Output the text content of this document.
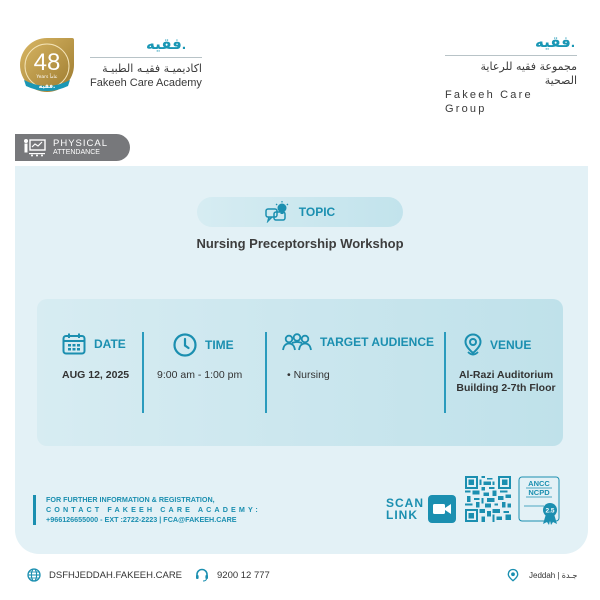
48
Years عاماً
فقيه.
فقيه.
اكاديميـة فقيـه الطبيـة
Fakeeh Care Academy
فقيه.
مجموعة فقيه للرعاية الصحية
Fakeeh Care Group
PHYSICAL
ATTENDANCE
TOPIC
Nursing Preceptorship Workshop
DATE
AUG 12, 2025
TIME
9:00 am - 1:00 pm
TARGET AUDIENCE
• Nursing
VENUE
Al-Razi Auditorium
Building 2-7th Floor
FOR FURTHER INFORMATION & REGISTRATION,
CONTACT FAKEEH CARE ACADEMY:
+966126655000 - EXT :2722-2223 | FCA@FAKEEH.CARE
SCAN
LINK
ANCC
NCPD
2.5
DSFHJEDDAH.FAKEEH.CARE	9200 12 777	Jeddah | جـدة
